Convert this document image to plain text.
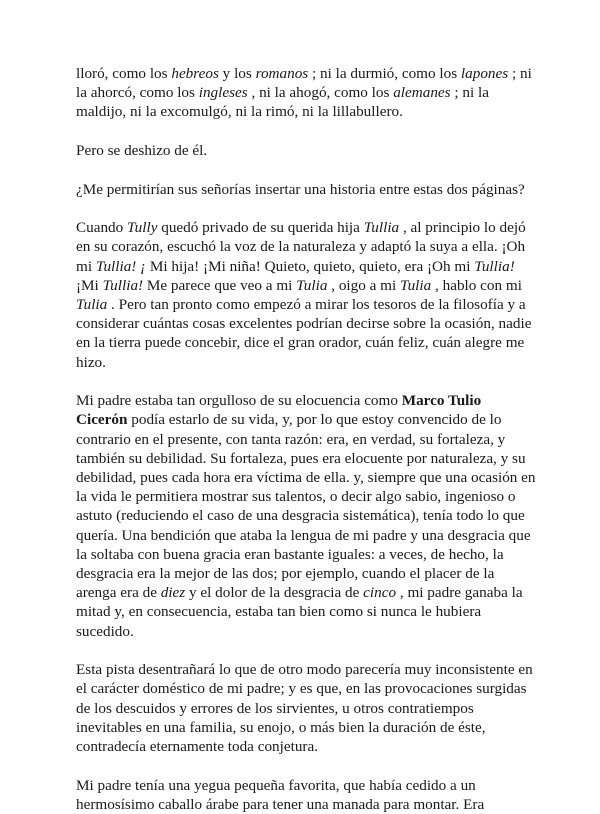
lloró, como los hebreos y los romanos ; ni la durmió, como los lapones ; ni la ahorcó, como los ingleses , ni la ahogó, como los alemanes ; ni la maldijo, ni la excomulgó, ni la rimó, ni la lillabullero.

Pero se deshizo de él.

¿Me permitirían sus señorías insertar una historia entre estas dos páginas?

Cuando Tully quedó privado de su querida hija Tullia , al principio lo dejó en su corazón, escuchó la voz de la naturaleza y adaptó la suya a ella. ¡Oh mi Tullia! ¡ Mi hija! ¡Mi niña! Quieto, quieto, quieto, era ¡Oh mi Tullia! ¡Mi Tullia! Me parece que veo a mi Tulia , oigo a mi Tulia , hablo con mi Tulia . Pero tan pronto como empezó a mirar los tesoros de la filosofía y a considerar cuántas cosas excelentes podrían decirse sobre la ocasión, nadie en la tierra puede concebir, dice el gran orador, cuán feliz, cuán alegre me hizo.

Mi padre estaba tan orgulloso de su elocuencia como Marco Tulio Cicerón podía estarlo de su vida, y, por lo que estoy convencido de lo contrario en el presente, con tanta razón: era, en verdad, su fortaleza, y también su debilidad. Su fortaleza, pues era elocuente por naturaleza, y su debilidad, pues cada hora era víctima de ella. y, siempre que una ocasión en la vida le permitiera mostrar sus talentos, o decir algo sabio, ingenioso o astuto (reduciendo el caso de una desgracia sistemática), tenía todo lo que quería. Una bendición que ataba la lengua de mi padre y una desgracia que la soltaba con buena gracia eran bastante iguales: a veces, de hecho, la desgracia era la mejor de las dos; por ejemplo, cuando el placer de la arenga era de diez y el dolor de la desgracia de cinco , mi padre ganaba la mitad y, en consecuencia, estaba tan bien como si nunca le hubiera sucedido.

Esta pista desentrañará lo que de otro modo parecería muy inconsistente en el carácter doméstico de mi padre; y es que, en las provocaciones surgidas de los descuidos y errores de los sirvientes, u otros contratiempos inevitables en una familia, su enojo, o más bien la duración de éste, contradecía eternamente toda conjetura.

Mi padre tenía una yegua pequeña favorita, que había cedido a un hermosísimo caballo árabe para tener una manada para montar. Era
